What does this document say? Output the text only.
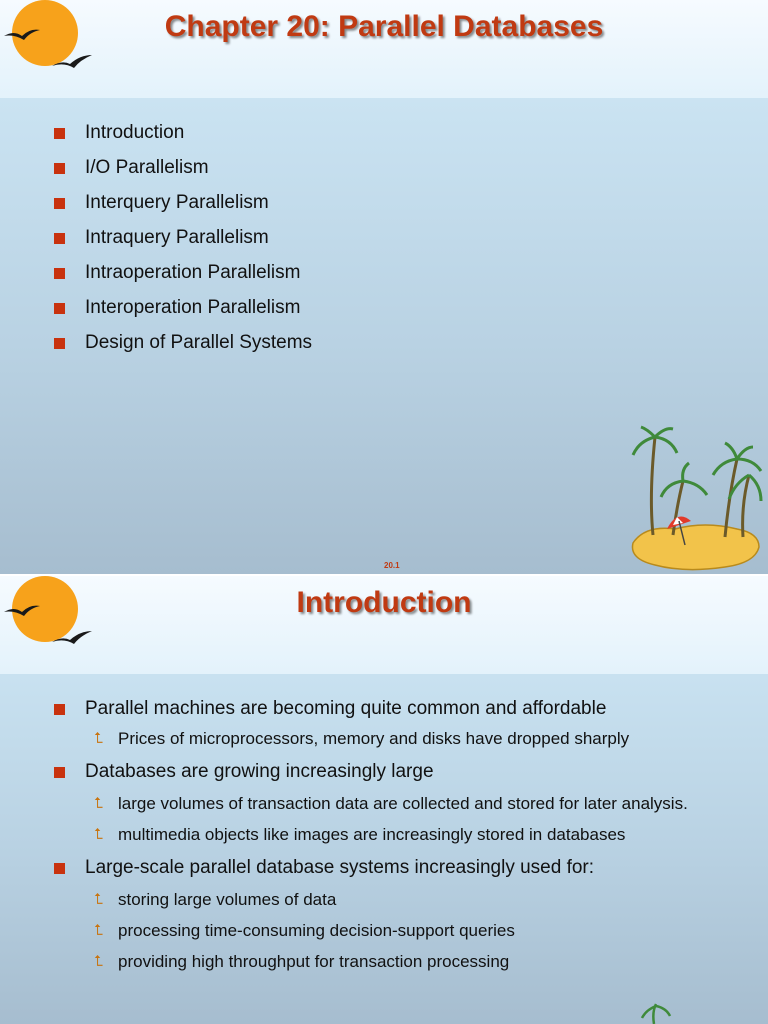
Chapter 20: Parallel Databases
Introduction
I/O Parallelism
Interquery Parallelism
Intraquery Parallelism
Intraoperation Parallelism
Interoperation Parallelism
Design of Parallel Systems
20.1
Introduction
Parallel machines are becoming quite common and affordable
⮤ Prices of microprocessors, memory and disks have dropped sharply
Databases are growing increasingly large
⮤ large volumes of transaction data are collected and stored for later analysis.
⮤ multimedia objects like images are increasingly stored in databases
Large-scale parallel database systems increasingly used for:
⮤ storing large volumes of data
⮤ processing time-consuming decision-support queries
⮤ providing high throughput for transaction processing
